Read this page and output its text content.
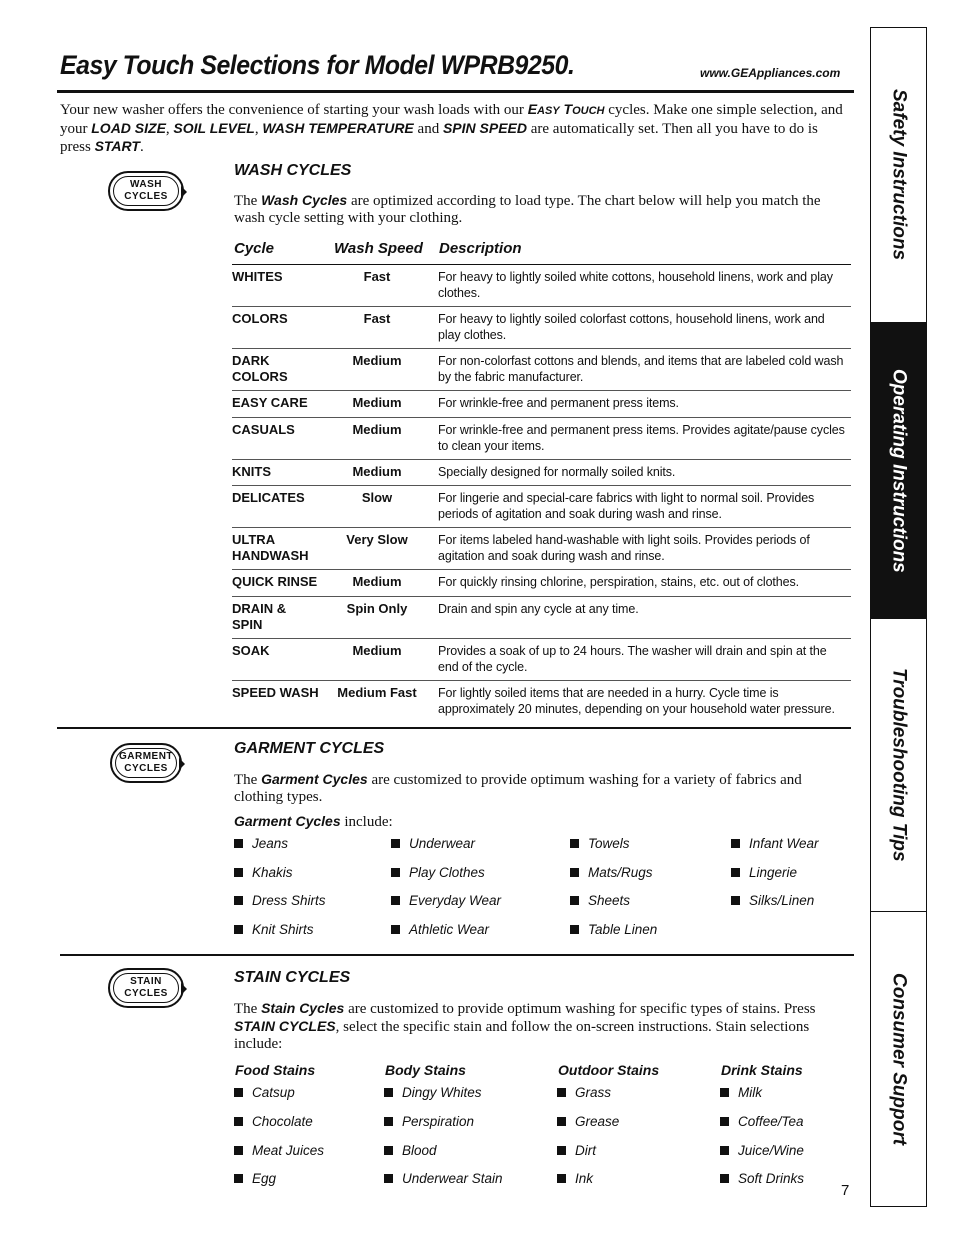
Easy Touch Selections for Model WPRB9250.	www.GEAppliances.com
Your new washer offers the convenience of starting your wash loads with our EASY TOUCH cycles. Make one simple selection, and your LOAD SIZE, SOIL LEVEL, WASH TEMPERATURE and SPIN SPEED are automatically set. Then all you have to do is press START.
WASH
CYCLES
WASH CYCLES
The Wash Cycles are optimized according to load type. The chart below will help you match the wash cycle setting with your clothing.
Cycle	Wash Speed Description
WHITES	Fast	For heavy to lightly soiled white cottons, household linens, work and play clothes.
COLORS	Fast	For heavy to lightly soiled colorfast cottons, household linens, work and play clothes.
DARK
COLORS
Medium	For non-colorfast cottons and blends, and items that are labeled cold wash by the fabric manufacturer.
EASY CARE	Medium	For wrinkle-free and permanent press items.
CASUALS	Medium	For wrinkle-free and permanent press items. Provides agitate/pause cycles to clean your items.
KNITS	Medium	Specially designed for normally soiled knits.
DELICATES	Slow	For lingerie and special-care fabrics with light to normal soil. Provides periods of agitation and soak during wash and rinse.
ULTRA
HANDWASH
Very Slow	For items labeled hand-washable with light soils. Provides periods of agitation and soak during wash and rinse.
QUICK RINSE	Medium	For quickly rinsing chlorine, perspiration, stains, etc. out of clothes.
DRAIN &
SPIN
Spin Only	Drain and spin any cycle at any time.
SOAK	Medium	Provides a soak of up to 24 hours. The washer will drain and spin at the end of the cycle.
SPEED WASH	Medium Fast	For lightly soiled items that are needed in a hurry. Cycle time is approximately 20 minutes, depending on your household water pressure.
GARMENT
CYCLES
GARMENT CYCLES
The Garment Cycles are customized to provide optimum washing for a variety of fabrics and clothing types.
Garment Cycles include:
Jeans	Underwear	Towels	Infant Wear
Khakis	Play Clothes	Mats/Rugs	Lingerie
Dress Shirts	Everyday Wear	Sheets	Silks/Linen
Knit Shirts	Athletic Wear	Table Linen
STAIN
CYCLES
STAIN CYCLES
The Stain Cycles are customized to provide optimum washing for specific types of stains. Press STAIN CYCLES, select the specific stain and follow the on-screen instructions. Stain selections include:
Food Stains
Catsup
Chocolate
Meat Juices
Egg
Body Stains
Dingy Whites
Perspiration
Blood
Underwear Stain
Outdoor Stains
Grass
Grease
Dirt
Ink
Drink Stains
Milk
Coffee/Tea
Juice/Wine
Soft Drinks
Safety Instructions
Operating Instructions
Troubleshooting Tips
Consumer Support
7
